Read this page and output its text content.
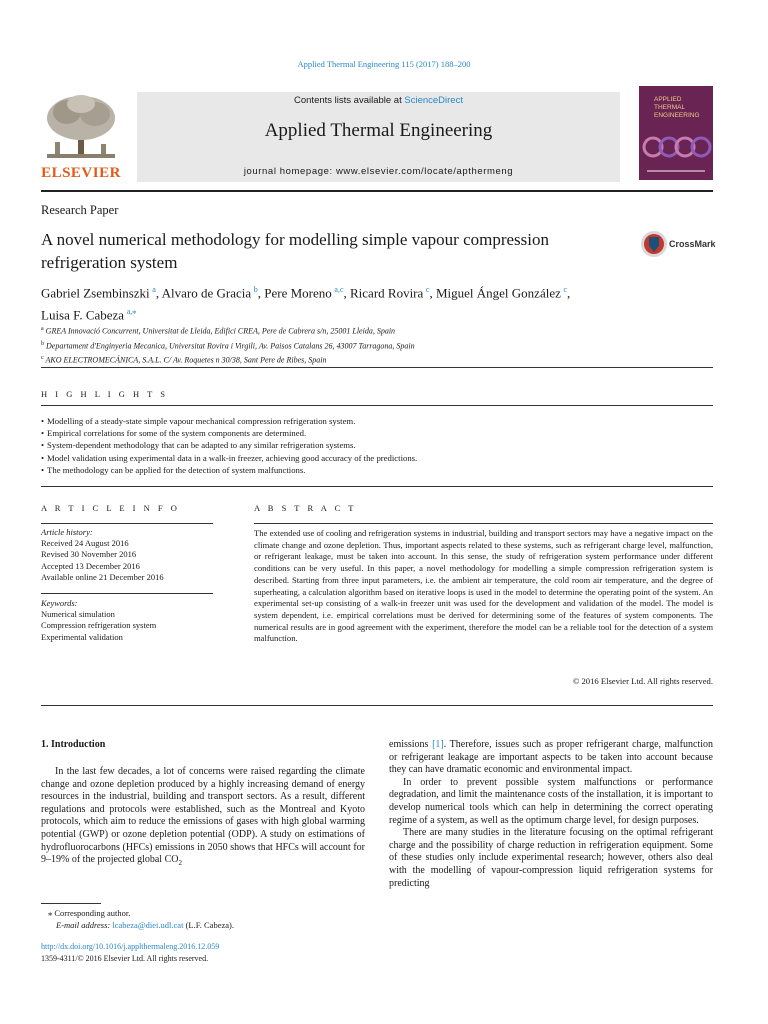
Applied Thermal Engineering 115 (2017) 188–200
ELSEVIER
Contents lists available at ScienceDirect
Applied Thermal Engineering
journal homepage: www.elsevier.com/locate/apthermeng
APPLIED THERMAL ENGINEERING
Research Paper
A novel numerical methodology for modelling simple vapour compression refrigeration system
CrossMark
Gabriel Zsembinszki  $^a$, Alvaro de Gracia  $^b$, Pere Moreno  $^{a,c}$, Ricard Rovira  $^c$, Miguel Ángel González  $^c$,
Luisa F. Cabeza  $^{a,⁎}$
$^a$ GREA Innovació Concurrent, Universitat de Lleida, Edifici CREA, Pere de Cabrera s/n, 25001 Lleida, Spain
$^b$ Departament d'Enginyeria Mecanica, Universitat Rovira i Virgili, Av. Paisos Catalans 26, 43007 Tarragona, Spain
$^c$ AKO ELECTROMECÁNICA, S.A.L. C/ Av. Roquetes n 30/38, Sant Pere de Ribes, Spain
H I G H L I G H T S
• Modelling of a steady-state simple vapour mechanical compression refrigeration system.
• Empirical correlations for some of the system components are determined.
• System-dependent methodology that can be adapted to any similar refrigeration systems.
• Model validation using experimental data in a walk-in freezer, achieving good accuracy of the predictions.
• The methodology can be applied for the detection of system malfunctions.
A R T I C L E I N F O
Article history:
Received 24 August 2016
Revised 30 November 2016
Accepted 13 December 2016
Available online 21 December 2016
Keywords:
Numerical simulation
Compression refrigeration system
Experimental validation
A B S T R A C T
The extended use of cooling and refrigeration systems in industrial, building and transport sectors may have a negative impact on the climate change and ozone depletion. Thus, important aspects related to these systems, such as refrigerant charge level, malfunction, or refrigerant leakage, must be taken into account. In this sense, the study of refrigeration system performance under different conditions can be very useful. In this paper, a novel methodology for modelling a simple compression refrigeration system is described. Starting from three input parameters, i.e. the ambient air temperature, the cold room air temperature, and the degree of superheating, a calculation algorithm based on iterative loops is used in the model to determine the operating point of the system. An experimental set-up consisting of a walk-in freezer unit was used for the development and validation of the model. The model is system dependent, i.e. empirical correlations must be derived for determining some of the features of system components. The numerical results are in good agreement with the experiment, therefore the model can be a reliable tool for the detection of a system malfunction.
© 2016 Elsevier Ltd. All rights reserved.
1. Introduction

In the last few decades, a lot of concerns were raised regarding the climate change and ozone depletion produced by a highly increasing demand of energy resources in the industrial, building and transport sectors. As a result, different regulations and protocols were established, such as the Montreal and Kyoto protocols, which aim to reduce the emissions of gases with high global warming potential (GWP) or ozone depletion potential (ODP). A study on estimations of hydrofluorocarbons (HFCs) emissions in 2050 shows that HFCs will account for 9–19% of the projected global $CO_2$

emissions [1]. Therefore, issues such as proper refrigerant charge, malfunction or refrigerant leakage are important aspects to be taken into account because they can have dramatic economic and environmental impact.

In order to prevent possible system malfunctions or performance degradation, and limit the maintenance costs of the installation, it is important to develop numerical tools which can help in determining the correct operating regime of a system, as well as the optimum charge level, for design purposes.

There are many studies in the literature focusing on the optimal refrigerant charge and the possibility of charge reduction in refrigeration equipment. Some of these studies only include experimental research; however, others also deal with the modelling of vapour-compression liquid refrigeration systems for predicting

⁎ Corresponding author.
E-mail address: lcabeza@diei.udl.cat (L.F. Cabeza).
http://dx.doi.org/10.1016/j.applthermaleng.2016.12.059
1359-4311/© 2016 Elsevier Ltd. All rights reserved.
